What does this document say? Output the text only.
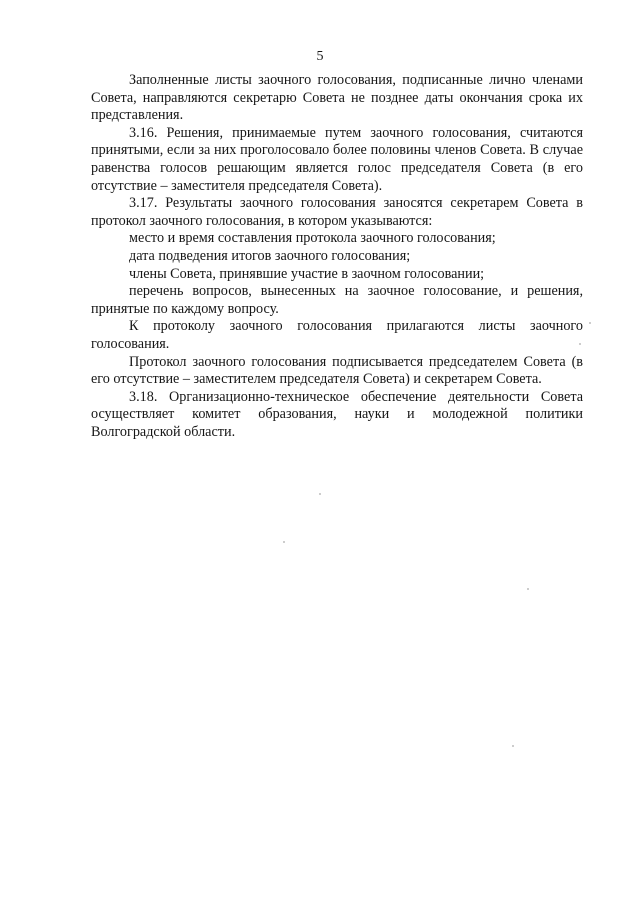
5

Заполненные листы заочного голосования, подписанные лично членами Совета, направляются секретарю Совета не позднее даты окончания срока их представления.

3.16. Решения, принимаемые путем заочного голосования, считаются принятыми, если за них проголосовало более половины членов Совета. В случае равенства голосов решающим является голос председателя Совета (в его отсутствие – заместителя председателя Совета).

3.17. Результаты заочного голосования заносятся секретарем Совета в протокол заочного голосования, в котором указываются:

место и время составления протокола заочного голосования;

дата подведения итогов заочного голосования;

члены Совета, принявшие участие в заочном голосовании;

перечень вопросов, вынесенных на заочное голосование, и решения, принятые по каждому вопросу.

К протоколу заочного голосования прилагаются листы заочного голосования.

Протокол заочного голосования подписывается председателем Совета (в его отсутствие – заместителем председателя Совета) и секретарем Совета.

3.18. Организационно-техническое обеспечение деятельности Совета осуществляет комитет образования, науки и молодежной политики Волгоградской области.
